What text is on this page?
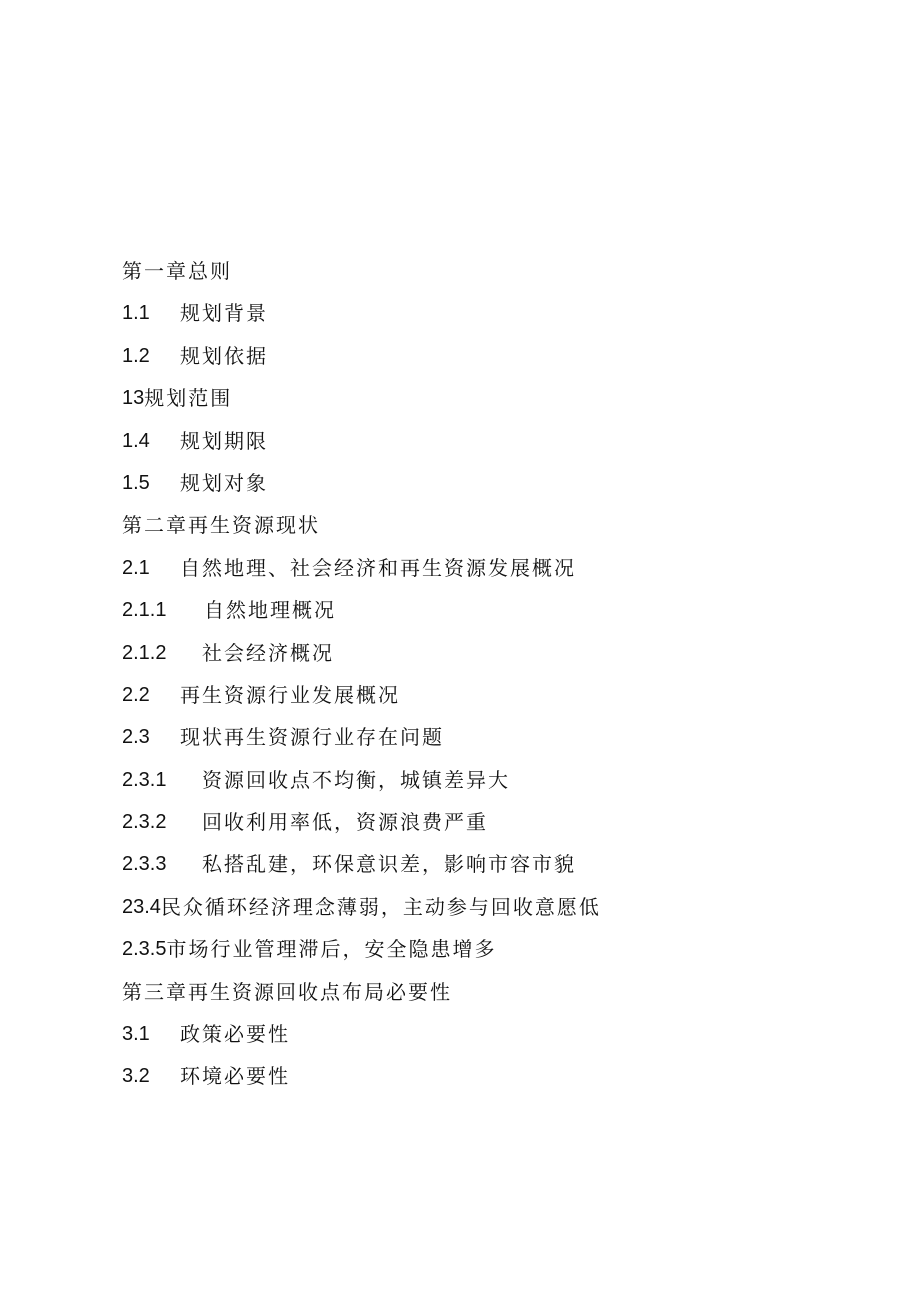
第一章总则
1.1	规划背景
1.2	规划依据
13 规划范围
1.4	规划期限
1.5	规划对象
第二章再生资源现状
2.1	自然地理、社会经济和再生资源发展概况
2.1.1	自然地理概况
2.1.2	社会经济概况
2.2	再生资源行业发展概况
2.3	现状再生资源行业存在问题
2.3.1	资源回收点不均衡，城镇差异大
2.3.2	回收利用率低，资源浪费严重
2.3.3	私搭乱建，环保意识差，影响市容市貌
23.4 民众循环经济理念薄弱，主动参与回收意愿低
2.3.5 市场行业管理滞后，安全隐患增多
第三章再生资源回收点布局必要性
3.1	政策必要性
3.2	环境必要性
